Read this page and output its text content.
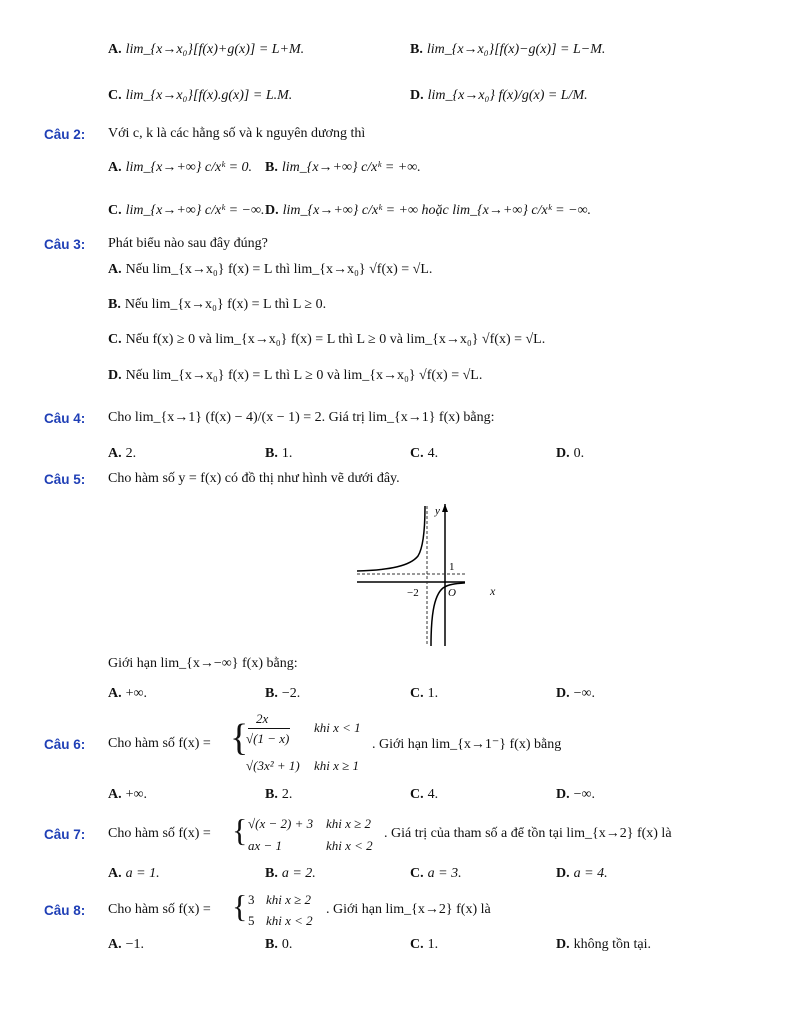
A. lim_{x→x₀}[f(x)+g(x)] = L+M.	B. lim_{x→x₀}[f(x)−g(x)] = L−M.
C. lim_{x→x₀}[f(x).g(x)] = L.M.	D. lim_{x→x₀} f(x)/g(x) = L/M.
Câu 2: Với c, k là các hằng số và k nguyên dương thì
A. lim_{x→+∞} c/xᵏ = 0. B. lim_{x→+∞} c/xᵏ = +∞.
C. lim_{x→+∞} c/xᵏ = −∞. D. lim_{x→+∞} c/xᵏ = +∞ hoặc lim_{x→+∞} c/xᵏ = −∞.
Câu 3: Phát biểu nào sau đây đúng?
A. Nếu lim_{x→x₀} f(x) = L thì lim_{x→x₀} √f(x) = √L.
B. Nếu lim_{x→x₀} f(x) = L thì L ≥ 0.
C. Nếu f(x) ≥ 0 và lim_{x→x₀} f(x) = L thì L ≥ 0 và lim_{x→x₀} √f(x) = √L.
D. Nếu lim_{x→x₀} f(x) = L thì L ≥ 0 và lim_{x→x₀} √f(x) = √L.
Câu 4: Cho lim_{x→1} (f(x) − 4)/(x − 1) = 2. Giá trị lim_{x→1} f(x) bằng:
A. 2.	B. 1.	C. 4.	D. 0.
Câu 5: Cho hàm số y = f(x) có đồ thị như hình vẽ dưới đây.
y
1
−2	O	x
Giới hạn lim_{x→−∞} f(x) bằng:
A. +∞.	B. −2.	C. 1.	D. −∞.
Câu 6: Cho hàm số f(x) = { 2x
√(1 − x)
khi x < 1
√(3x² + 1) khi x ≥ 1
. Giới hạn lim_{x→1⁻} f(x) bằng
A. +∞.	B. 2.	C. 4.	D. −∞.
Câu 7: Cho hàm số f(x) = { √(x − 2) + 3 khi x ≥ 2
ax − 1	khi x < 2
. Giá trị của tham số a để tồn tại lim_{x→2} f(x) là
A. a = 1.	B. a = 2.	C. a = 3.	D. a = 4.
Câu 8: Cho hàm số f(x) = { 3 khi x ≥ 2
5 khi x < 2
. Giới hạn lim_{x→2} f(x) là
A. −1.	B. 0.	C. 1.	D. không tồn tại.
